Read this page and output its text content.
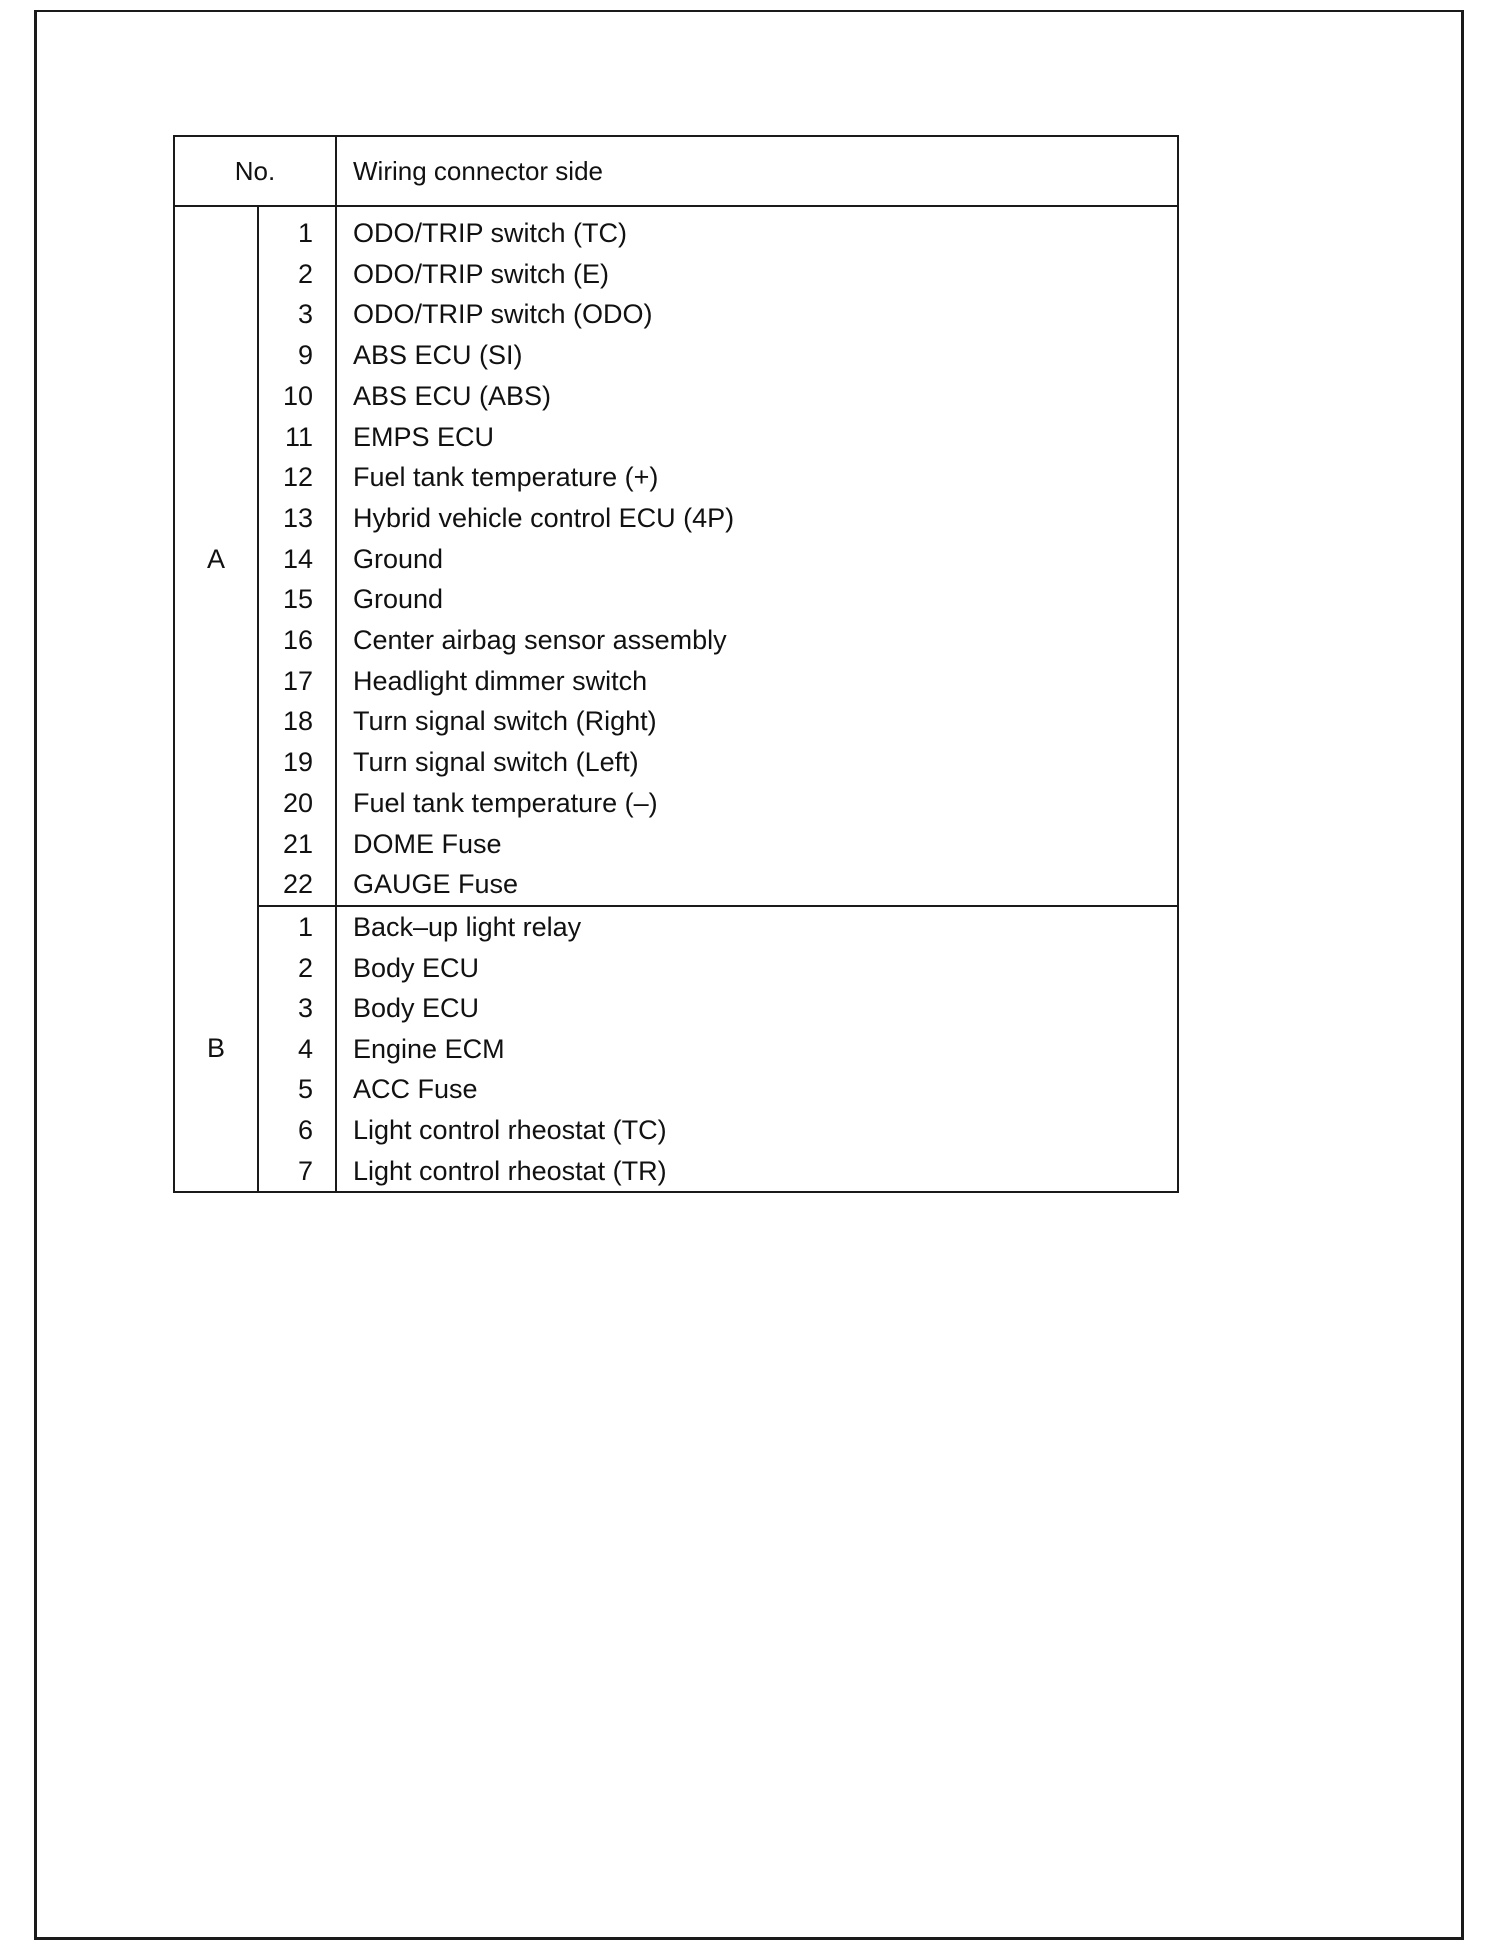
No.		Wiring connector side
A	1	ODO/TRIP switch (TC)
	2	ODO/TRIP switch (E)
	3	ODO/TRIP switch (ODO)
	9	ABS ECU (SI)
	10	ABS ECU (ABS)
	11	EMPS ECU
	12	Fuel tank temperature (+)
	13	Hybrid vehicle control ECU (4P)
	14	Ground
	15	Ground
	16	Center airbag sensor assembly
	17	Headlight dimmer switch
	18	Turn signal switch (Right)
	19	Turn signal switch (Left)
	20	Fuel tank temperature (–)
	21	DOME Fuse
	22	GAUGE Fuse
B	1	Back–up light relay
	2	Body ECU
	3	Body ECU
	4	Engine ECM
	5	ACC Fuse
	6	Light control rheostat (TC)
	7	Light control rheostat (TR)
